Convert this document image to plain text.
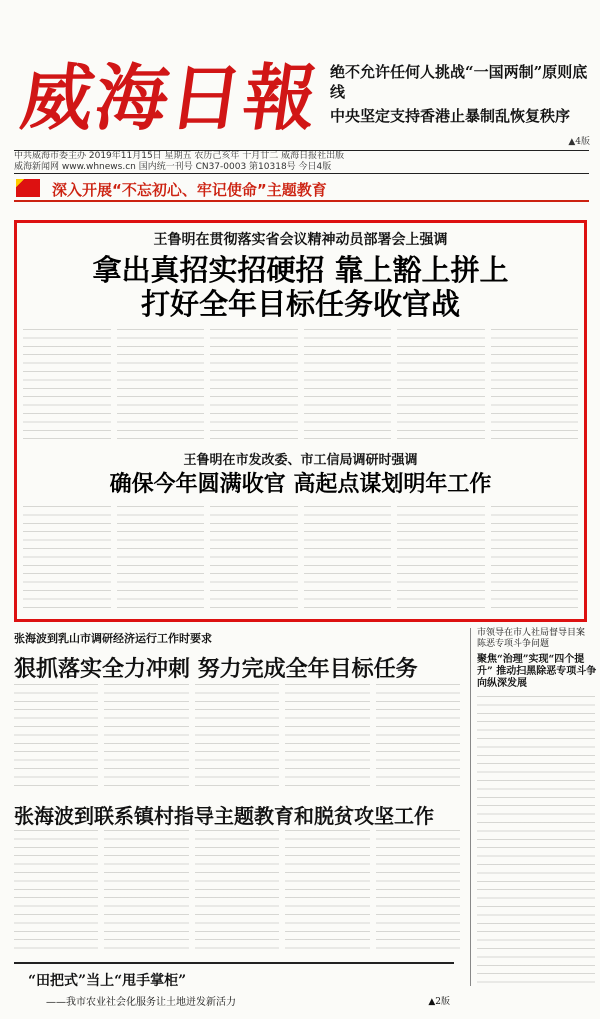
威海日報 绝不允许任何人挑战“一国两制”原则底线
中央坚定支持香港止暴制乱恢复秩序
▲4版
中共威海市委主办 2019年11月15日 星期五 农历己亥年 十月廿二 威海日报社出版
威海新闻网 www.whnews.cn 国内统一刊号 CN37-0003 第10318号 今日4版
深入开展“不忘初心、牢记使命”主题教育
王鲁明在贯彻落实省会议精神动员部署会上强调
拿出真招实招硬招 靠上豁上拼上
打好全年目标任务收官战
王鲁明在市发改委、市工信局调研时强调
确保今年圆满收官 高起点谋划明年工作
张海波到乳山市调研经济运行工作时要求
狠抓落实全力冲刺 努力完成全年目标任务
市领导在市人社局督导目案
陈恶专项斗争问题
聚焦“治理”实现“四个提升” 推动扫黑除恶专项斗争向纵深发展
张海波到联系镇村指导主题教育和脱贫攻坚工作
“田把式”当上“甩手掌柜”
——我市农业社会化服务让土地迸发新活力	▲2版
